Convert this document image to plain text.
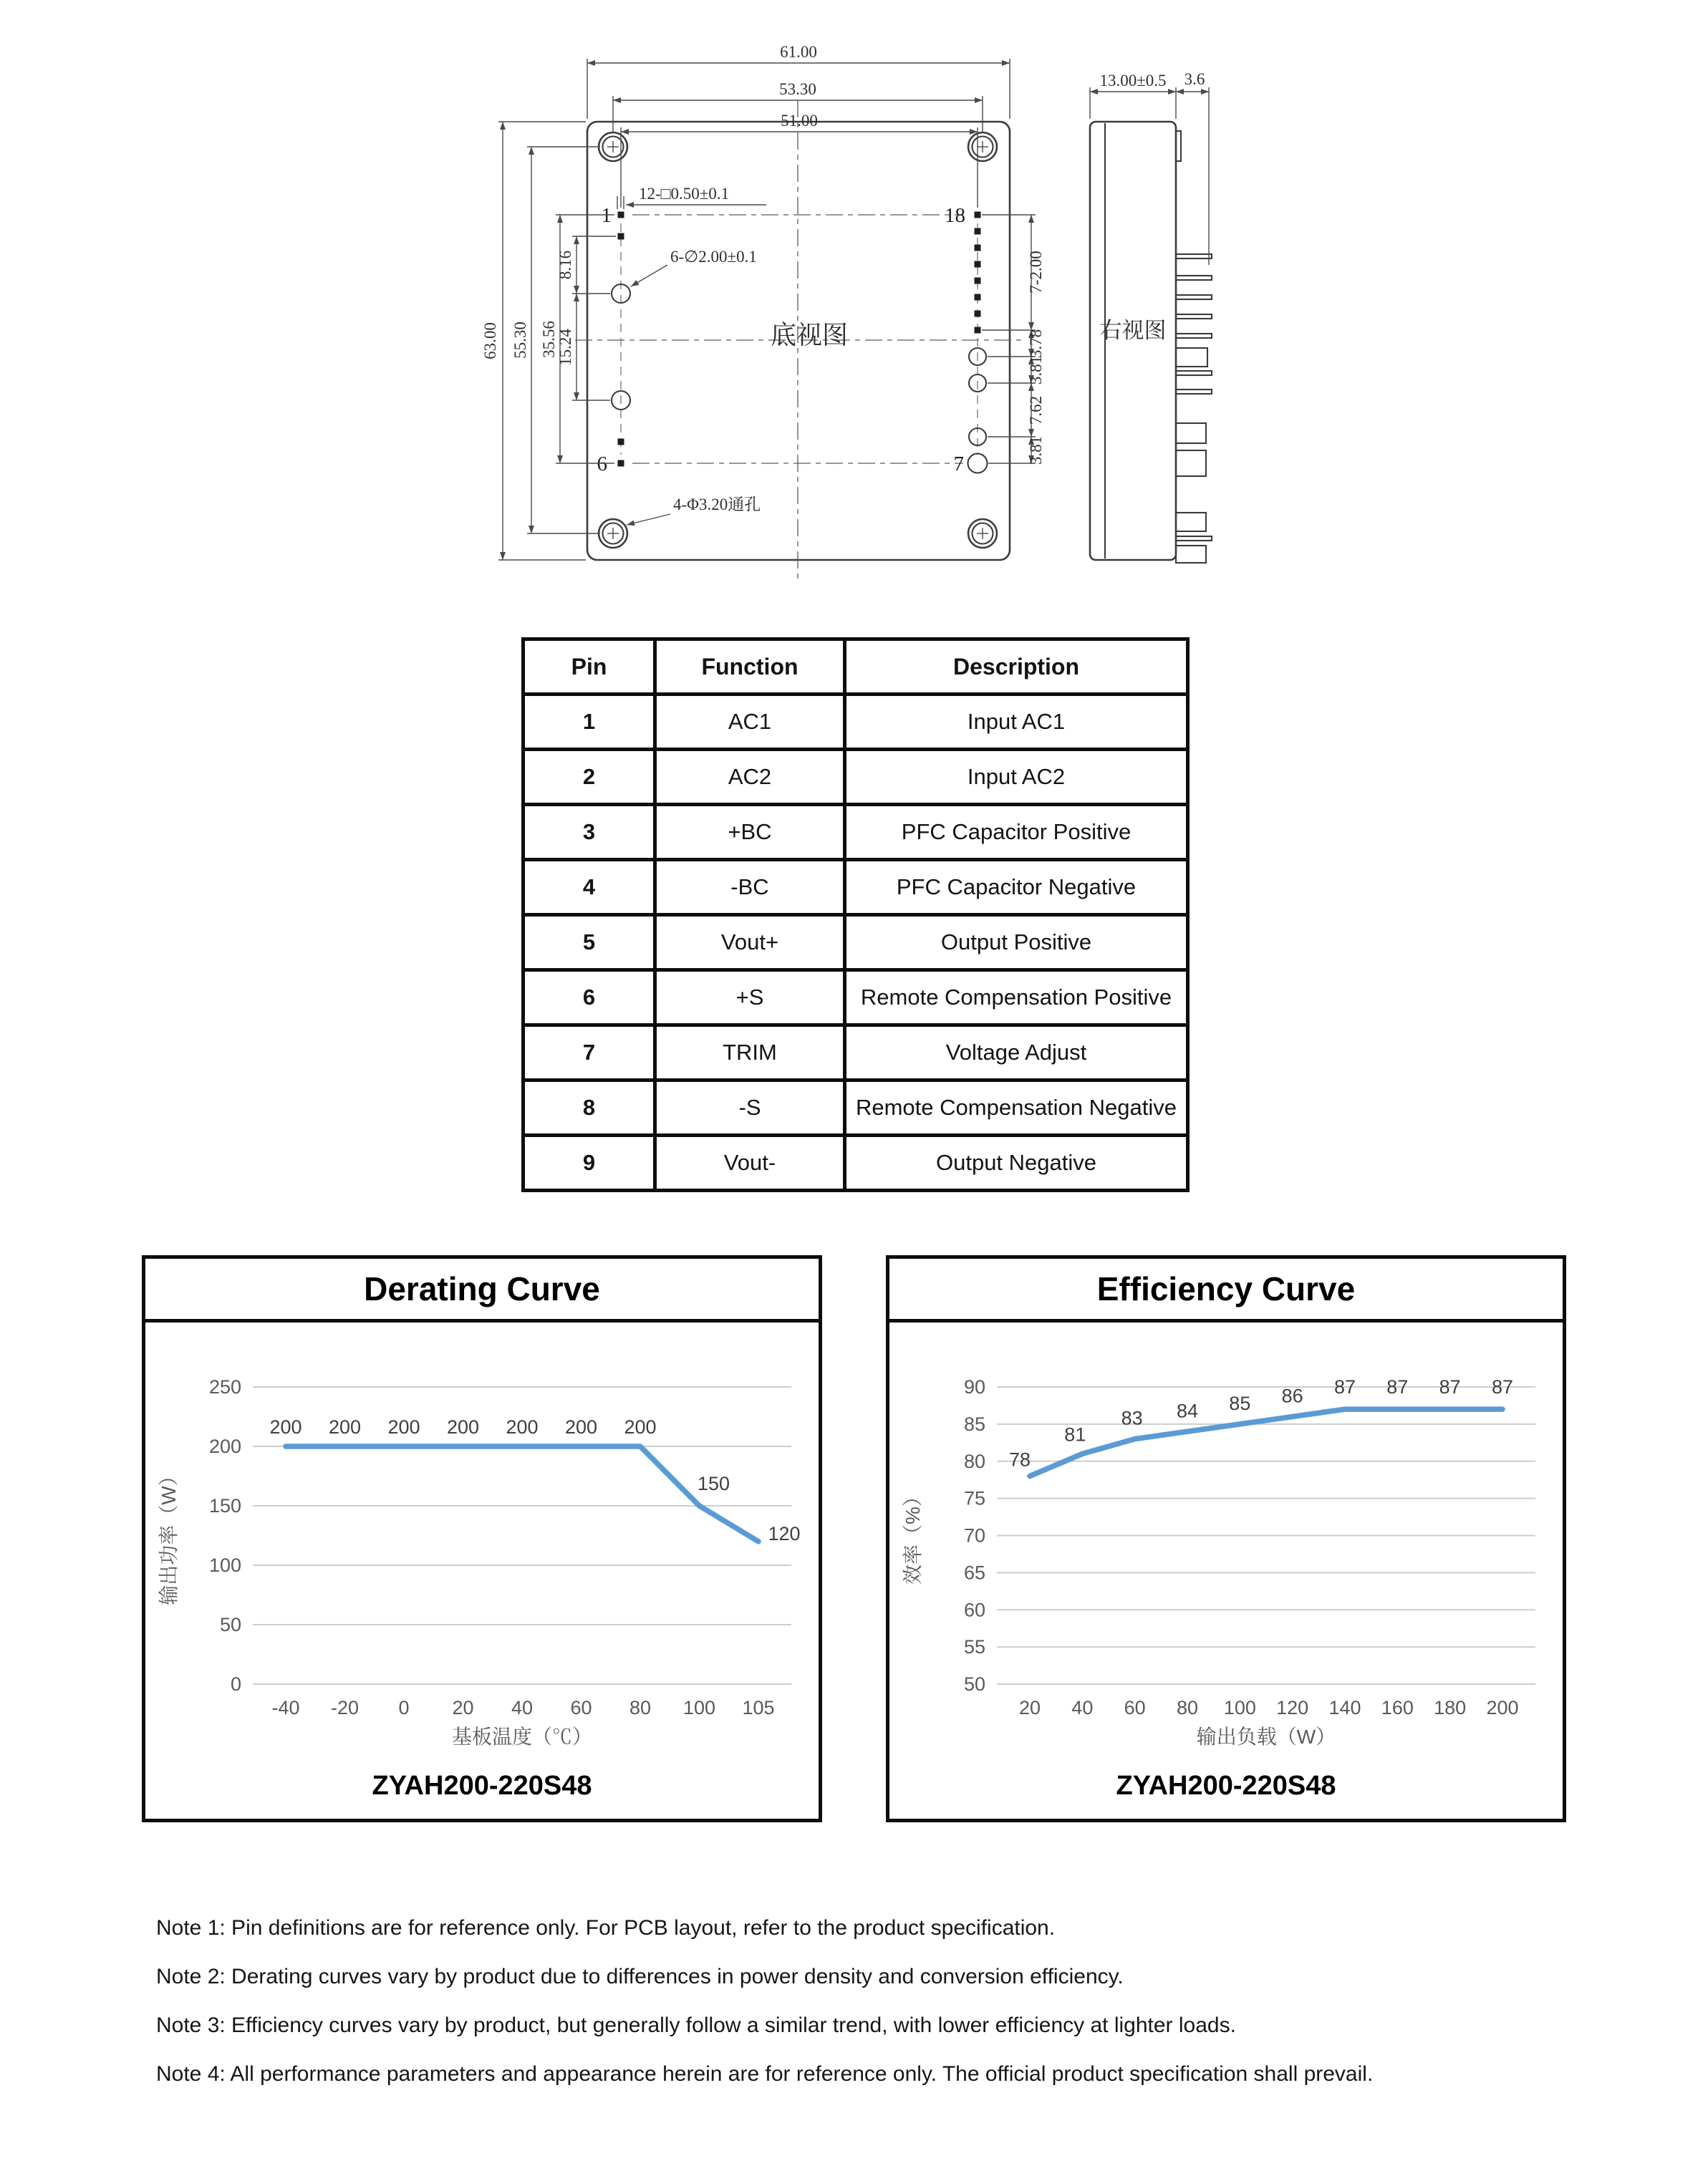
1	18
6	7
61.00
53.30
51.00
63.00 55.30 35.56
8.16
15.24
7-2.00
3.78
3.81
7.62
3.81
12-□0.50±0.1
6-∅2.00±0.1
4-Φ3.20通孔
底视图
13.00±0.5 3.6
右视图
Pin	Function	Description
1	AC1	Input AC1
2	AC2	Input AC2
3	+BC	PFC Capacitor Positive
4	-BC	PFC Capacitor Negative
5	Vout+	Output Positive
6	+S	Remote Compensation Positive
7	TRIM	Voltage Adjust
8	-S	Remote Compensation Negative
9	Vout-	Output Negative
Derating Curve
0
50
100
150
200
250
-40 -20 0 20 40 60 80 100 105
200 200 200 200 200 200 200
150
120
输出功率（W）
基板温度（℃）
ZYAH200-220S48
Efficiency Curve
50
55
60
65
70
75
80
85
90
20 40 60 80 100 120 140 160 180 200
78
81
83 84 85 86 87 87 87 87
效率（%）
输出负载（W）
ZYAH200-220S48
Note 1: Pin definitions are for reference only. For PCB layout, refer to the product specification.
Note 2: Derating curves vary by product due to differences in power density and conversion efficiency.
Note 3: Efficiency curves vary by product, but generally follow a similar trend, with lower efficiency at lighter loads.
Note 4: All performance parameters and appearance herein are for reference only. The official product specification shall prevail.
